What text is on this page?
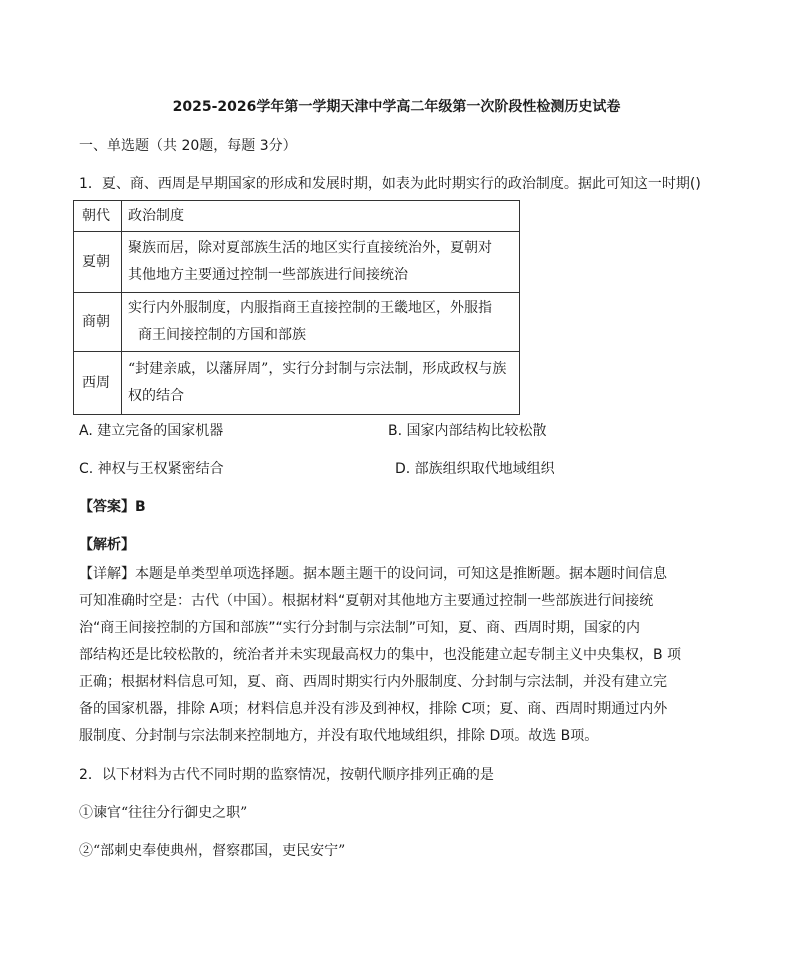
2025-2026学年第一学期天津中学高二年级第一次阶段性检测历史试卷
一、单选题（共 20题，每题 3分）
1．夏、商、西周是早期国家的形成和发展时期，如表为此时期实行的政治制度。据此可知这一时期()
朝代	政治制度
夏朝	聚族而居，除对夏部族生活的地区实行直接统治外，夏朝对
其他地方主要通过控制一些部族进行间接统治

商朝	实行内外服制度，内服指商王直接控制的王畿地区，外服指
商王间接控制的方国和部族

西周	“封建亲戚，以藩屏周”，实行分封制与宗法制，形成政权与族
权的结合
A. 建立完备的国家机器	B. 国家内部结构比较松散
C. 神权与王权紧密结合	D. 部族组织取代地域组织
【答案】B
【解析】
【详解】本题是单类型单项选择题。据本题主题干的设问词，可知这是推断题。据本题时间信息
可知准确时空是：古代（中国）。根据材料“夏朝对其他地方主要通过控制一些部族进行间接统
治“商王间接控制的方国和部族”“实行分封制与宗法制”可知，夏、商、西周时期，国家的内
部结构还是比较松散的，统治者并未实现最高权力的集中，也没能建立起专制主义中央集权，B 项
正确；根据材料信息可知，夏、商、西周时期实行内外服制度、分封制与宗法制，并没有建立完
备的国家机器，排除 A项；材料信息并没有涉及到神权，排除 C项；夏、商、西周时期通过内外
服制度、分封制与宗法制来控制地方，并没有取代地域组织，排除 D项。故选 B项。
2．以下材料为古代不同时期的监察情况，按朝代顺序排列正确的是
①谏官“往往分行御史之职”
②“部刺史奉使典州，督察郡国，吏民安宁”
